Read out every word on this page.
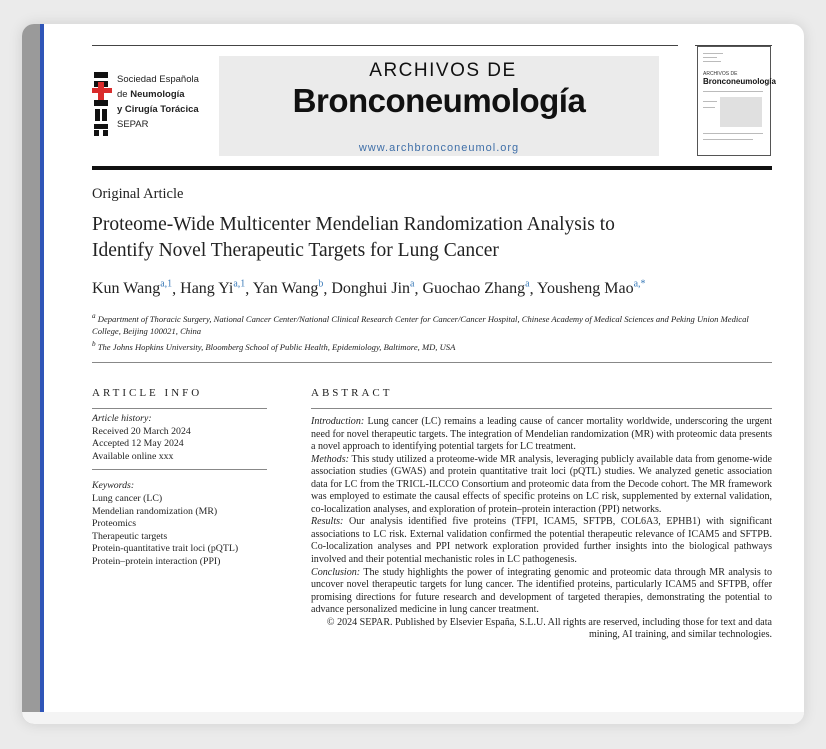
Sociedad Española
de Neumología
y Cirugía Torácica
SEPAR
ARCHIVOS DE
Bronconeumología
www.archbronconeumol.org
ARCHIVOS DE
Bronconeumología
Original Article
Proteome-Wide Multicenter Mendelian Randomization Analysis to
Identify Novel Therapeutic Targets for Lung Cancer
Kun Wang$^{a,1}$, Hang Yi$^{a,1}$, Yan Wang$^b$, Donghui Jin$^a$, Guochao Zhang$^a$, Yousheng Mao$^{a,*}$
$^a$ Department of Thoracic Surgery, National Cancer Center/National Clinical Research Center for Cancer/Cancer Hospital, Chinese Academy of Medical Sciences and Peking Union Medical College, Beijing 100021, China
$^b$ The Johns Hopkins University, Bloomberg School of Public Health, Epidemiology, Baltimore, MD, USA
ARTICLE INFO	ABSTRACT
Article history:
Received 20 March 2024
Accepted 12 May 2024
Available online xxx
Keywords:
Lung cancer (LC)
Mendelian randomization (MR)
Proteomics
Therapeutic targets
Protein-quantitative trait loci (pQTL)
Protein–protein interaction (PPI)

Introduction: Lung cancer (LC) remains a leading cause of cancer mortality worldwide, underscoring the urgent need for novel therapeutic targets. The integration of Mendelian randomization (MR) with proteomic data presents a novel approach to identifying potential targets for LC treatment.

Methods: This study utilized a proteome-wide MR analysis, leveraging publicly available data from genome-wide association studies (GWAS) and protein quantitative trait loci (pQTL) studies. We analyzed genetic association data for LC from the TRICL-ILCCO Consortium and proteomic data from the Decode cohort. The MR framework was employed to estimate the causal effects of specific proteins on LC risk, supplemented by external validation, co-localization analyses, and exploration of protein–protein interaction (PPI) networks.

Results: Our analysis identified five proteins (TFPI, ICAM5, SFTPB, COL6A3, EPHB1) with significant associations to LC risk. External validation confirmed the potential therapeutic relevance of ICAM5 and SFTPB. Co-localization analyses and PPI network exploration provided further insights into the biological pathways involved and their potential mechanistic roles in LC pathogenesis.

Conclusion: The study highlights the power of integrating genomic and proteomic data through MR analysis to uncover novel therapeutic targets for lung cancer. The identified proteins, particularly ICAM5 and SFTPB, offer promising directions for future research and development of targeted therapies, demonstrating the potential to advance personalized medicine in lung cancer treatment.

© 2024 SEPAR. Published by Elsevier España, S.L.U. All rights are reserved, including those for text and data mining, AI training, and similar technologies.
